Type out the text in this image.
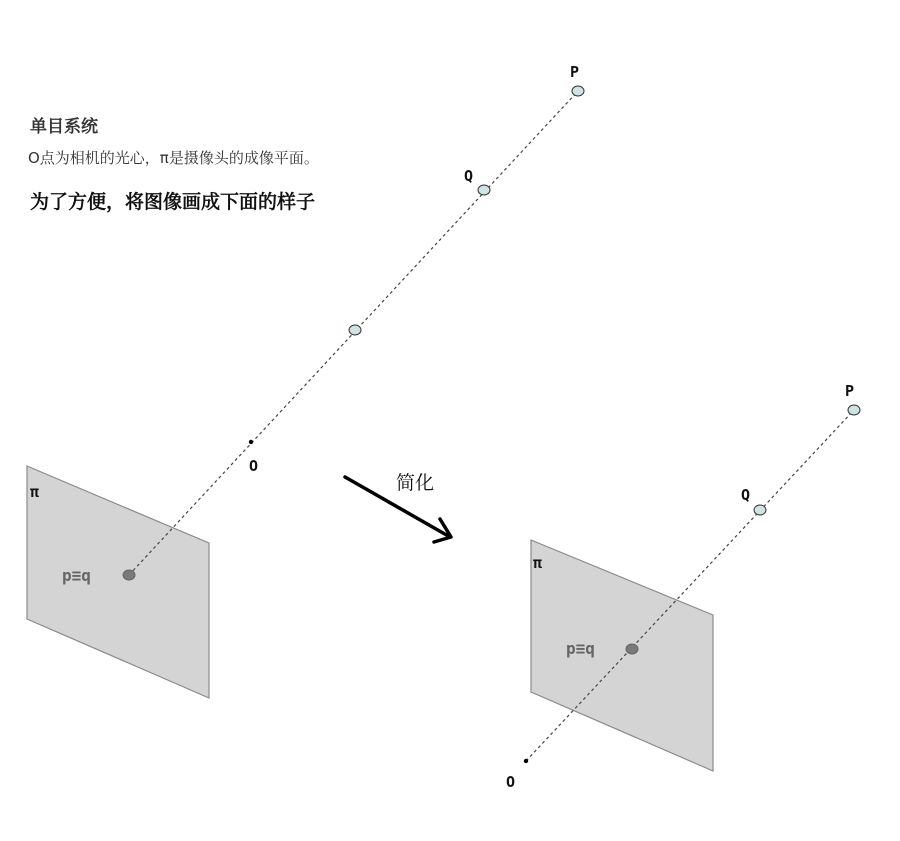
单目系统

O点为相机的光心，π是摄像头的成像平面。

为了方便，将图像画成下面的样子

π
p≡q
O
Q
P
简化
π
O
p≡q
Q
P
